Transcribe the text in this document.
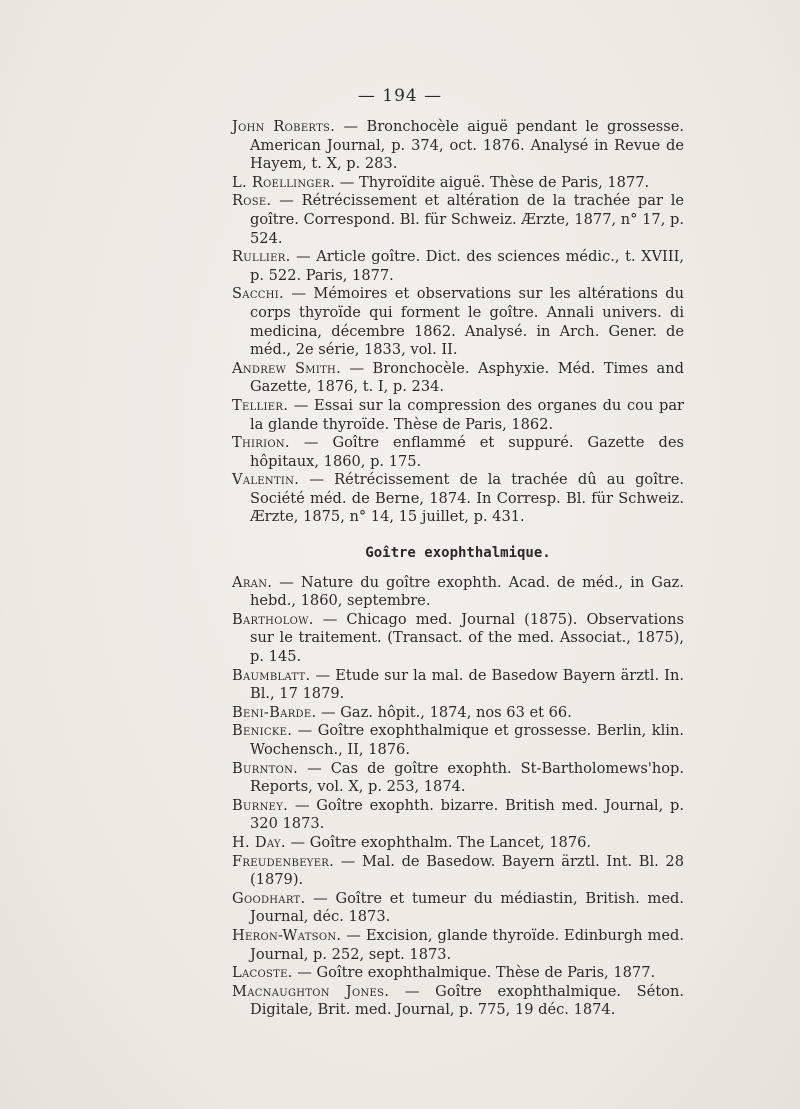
— 194 —

John Roberts. — Bronchocèle aiguë pendant le grossesse. American Journal, p. 374, oct. 1876. Analysé in Revue de Hayem, t. X, p. 283.

L. Roellinger. — Thyroïdite aiguë. Thèse de Paris, 1877.

Rose. — Rétrécissement et altération de la trachée par le goître. Correspond. Bl. für Schweiz. Ærzte, 1877, n° 17, p. 524.

Rullier. — Article goître. Dict. des sciences médic., t. XVIII, p. 522. Paris, 1877.

Sacchi. — Mémoires et observations sur les altérations du corps thyroïde qui forment le goître. Annali univers. di medicina, décembre 1862. Analysé. in Arch. Gener. de méd., 2e série, 1833, vol. II.

Andrew Smith. — Bronchocèle. Asphyxie. Méd. Times and Gazette, 1876, t. I, p. 234.

Tellier. — Essai sur la compression des organes du cou par la glande thyroïde. Thèse de Paris, 1862.

Thirion. — Goître enflammé et suppuré. Gazette des hôpitaux, 1860, p. 175.

Valentin. — Rétrécissement de la trachée dû au goître. Société méd. de Berne, 1874. In Corresp. Bl. für Schweiz. Ærzte, 1875, n° 14, 15 juillet, p. 431.

Goître exophthalmique.

Aran. — Nature du goître exophth. Acad. de méd., in Gaz. hebd., 1860, septembre.

Bartholow. — Chicago med. Journal (1875). Observations sur le traitement. (Transact. of the med. Associat., 1875), p. 145.

Baumblatt. — Etude sur la mal. de Basedow Bayern ärztl. In. Bl., 17 1879.

Beni-Barde. — Gaz. hôpit., 1874, nos 63 et 66.

Benicke. — Goître exophthalmique et grossesse. Berlin, klin. Wochensch., II, 1876.

Burnton. — Cas de goître exophth. St-Bartholomews'hop. Reports, vol. X, p. 253, 1874.

Burney. — Goître exophth. bizarre. British med. Journal, p. 320 1873.

H. Day. — Goître exophthalm. The Lancet, 1876.

Freudenbeyer. — Mal. de Basedow. Bayern ärztl. Int. Bl. 28 (1879).

Goodhart. — Goître et tumeur du médiastin, British. med. Journal, déc. 1873.

Heron-Watson. — Excision, glande thyroïde. Edinburgh med. Journal, p. 252, sept. 1873.

Lacoste. — Goître exophthalmique. Thèse de Paris, 1877.

Macnaughton Jones. — Goître exophthalmique. Séton. Digitale, Brit. med. Journal, p. 775, 19 déc. 1874.
